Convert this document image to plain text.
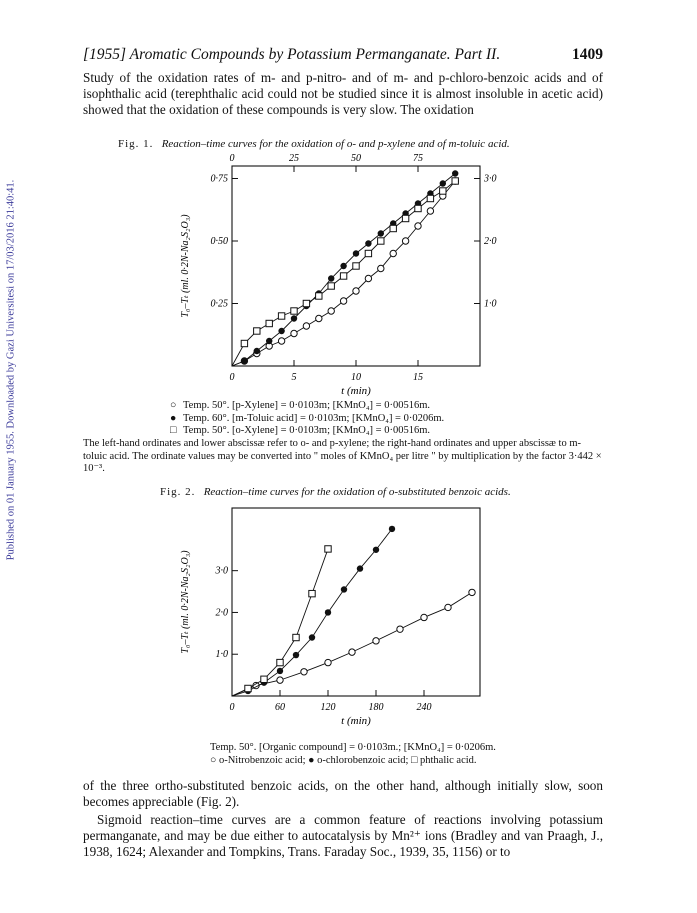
Published on 01 January 1955. Downloaded by Gazi Universitesi on 17/03/2016 21:40:41.
[1955] Aromatic Compounds by Potassium Permanganate. Part II.	1409
Study of the oxidation rates of m- and p-nitro- and of m- and p-chloro-benzoic acids and of isophthalic acid (terephthalic acid could not be studied since it is almost insoluble in acetic acid) showed that the oxidation of these compounds is very slow. The oxidation
Fig. 1. Reaction–time curves for the oxidation of o- and p-xylene and of m-toluic acid.
0	5	10	15
0	25	50	75
0·25
0·50
0·75
1·0
2·0
3·0
t (min)
T₀–Tₜ (ml. 0·2N-Na₂S₂O₃)
○ Temp. 50°. [p-Xylene] = 0·0103m; [KMnO₄] = 0·00516m.
● Temp. 60°. [m-Toluic acid] = 0·0103m; [KMnO₄] = 0·0206m.
□ Temp. 50°. [o-Xylene] = 0·0103m; [KMnO₄] = 0·00516m.
The left-hand ordinates and lower abscissæ refer to o- and p-xylene; the right-hand ordinates and upper abscissæ to m-toluic acid. The ordinate values may be converted into " moles of KMnO₄ per litre " by multiplication by the factor 3·442 × 10⁻³.
Fig. 2. Reaction–time curves for the oxidation of o-substituted benzoic acids.
0	60	120	180	240
1·0
2·0
3·0
t (min)
T₀–Tₜ (ml. 0·2N-Na₂S₂O₃)
Temp. 50°. [Organic compound] = 0·0103m.; [KMnO₄] = 0·0206m.
○ o-Nitrobenzoic acid; ● o-chlorobenzoic acid; □ phthalic acid.
of the three ortho-substituted benzoic acids, on the other hand, although initially slow, soon becomes appreciable (Fig. 2).
Sigmoid reaction–time curves are a common feature of reactions involving potassium permanganate, and may be due either to autocatalysis by Mn²⁺ ions (Bradley and van Praagh, J., 1938, 1624; Alexander and Tompkins, Trans. Faraday Soc., 1939, 35, 1156) or to
